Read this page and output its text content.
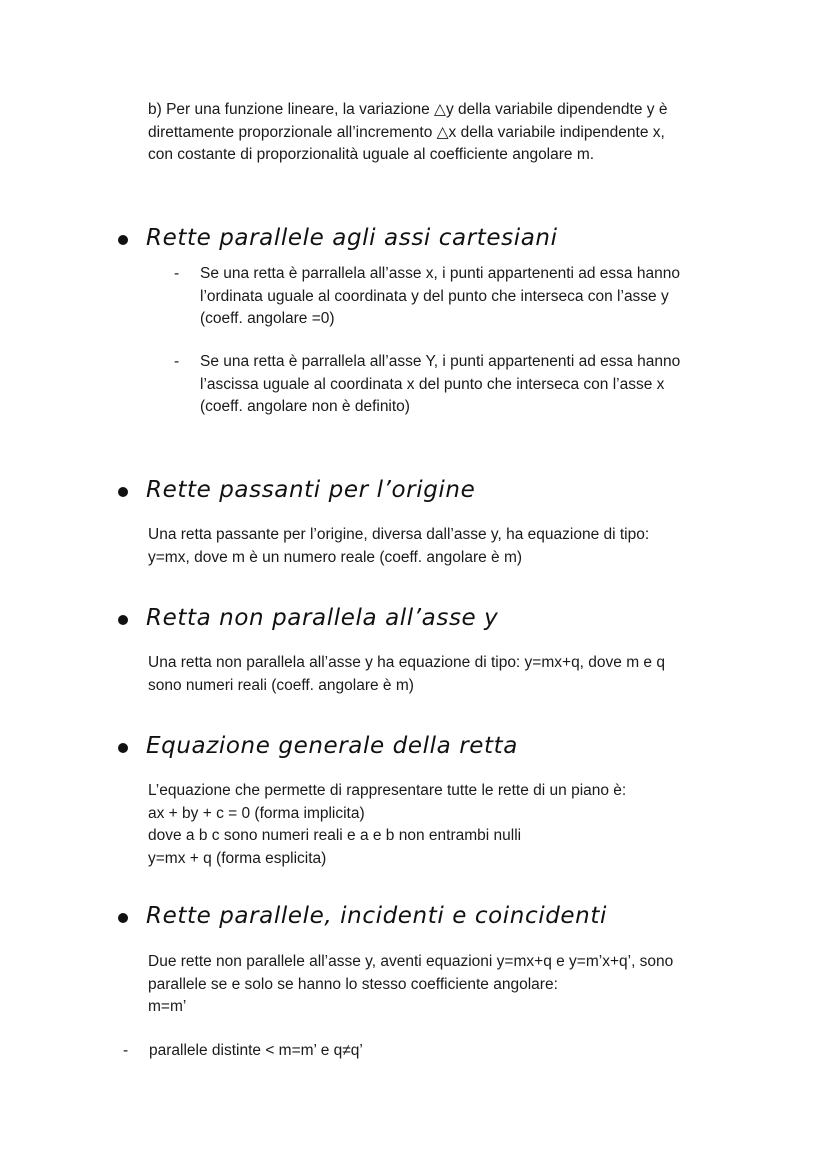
b) Per una funzione lineare, la variazione △y della variabile dipendendte y è
direttamente proporzionale all’incremento △x della variabile indipendente x,
con costante di proporzionalità uguale al coefficiente angolare m.
Rette parallele agli assi cartesiani
- Se una retta è parrallela all’asse x, i punti appartenenti ad essa hanno
l’ordinata uguale al coordinata y del punto che interseca con l’asse y
(coeff. angolare =0)
- Se una retta è parrallela all’asse Y, i punti appartenenti ad essa hanno
l’ascissa uguale al coordinata x del punto che interseca con l’asse x
(coeff. angolare non è definito)
Rette passanti per l’origine
Una retta passante per l’origine, diversa dall’asse y, ha equazione di tipo:
y=mx, dove m è un numero reale (coeff. angolare è m)
Retta non parallela all’asse y
Una retta non parallela all’asse y ha equazione di tipo: y=mx+q, dove m e q
sono numeri reali (coeff. angolare è m)
Equazione generale della retta
L’equazione che permette di rappresentare tutte le rette di un piano è:
ax + by + c = 0 (forma implicita)
dove a b c sono numeri reali e a e b non entrambi nulli
y=mx + q (forma esplicita)
Rette parallele, incidenti e coincidenti
Due rette non parallele all’asse y, aventi equazioni y=mx+q e y=m’x+q’, sono
parallele se e solo se hanno lo stesso coefficiente angolare:
m=m’
- parallele distinte < m=m’ e q≠q’
